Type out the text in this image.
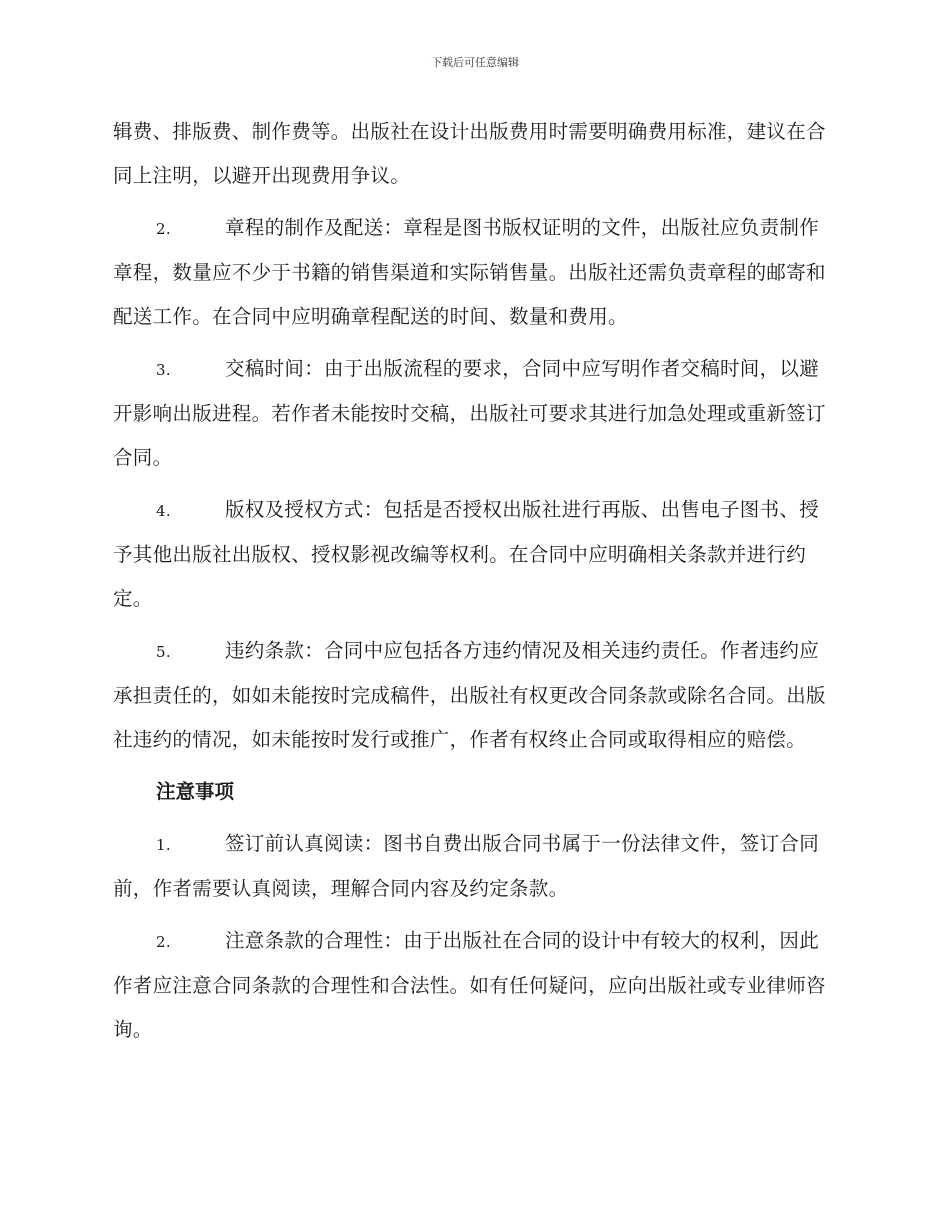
下载后可任意编辑

辑费、排版费、制作费等。出版社在设计出版费用时需要明确费用标准，建议在合同上注明，以避开出现费用争议。

2.	章程的制作及配送：章程是图书版权证明的文件，出版社应负责制作章程，数量应不少于书籍的销售渠道和实际销售量。出版社还需负责章程的邮寄和配送工作。在合同中应明确章程配送的时间、数量和费用。

3.	交稿时间：由于出版流程的要求，合同中应写明作者交稿时间，以避开影响出版进程。若作者未能按时交稿，出版社可要求其进行加急处理或重新签订合同。

4.	版权及授权方式：包括是否授权出版社进行再版、出售电子图书、授予其他出版社出版权、授权影视改编等权利。在合同中应明确相关条款并进行约定。

5.	违约条款：合同中应包括各方违约情况及相关违约责任。作者违约应承担责任的，如如未能按时完成稿件，出版社有权更改合同条款或除名合同。出版社违约的情况，如未能按时发行或推广，作者有权终止合同或取得相应的赔偿。

注意事项

1.	签订前认真阅读：图书自费出版合同书属于一份法律文件，签订合同前，作者需要认真阅读，理解合同内容及约定条款。

2.	注意条款的合理性：由于出版社在合同的设计中有较大的权利，因此作者应注意合同条款的合理性和合法性。如有任何疑问，应向出版社或专业律师咨询。
